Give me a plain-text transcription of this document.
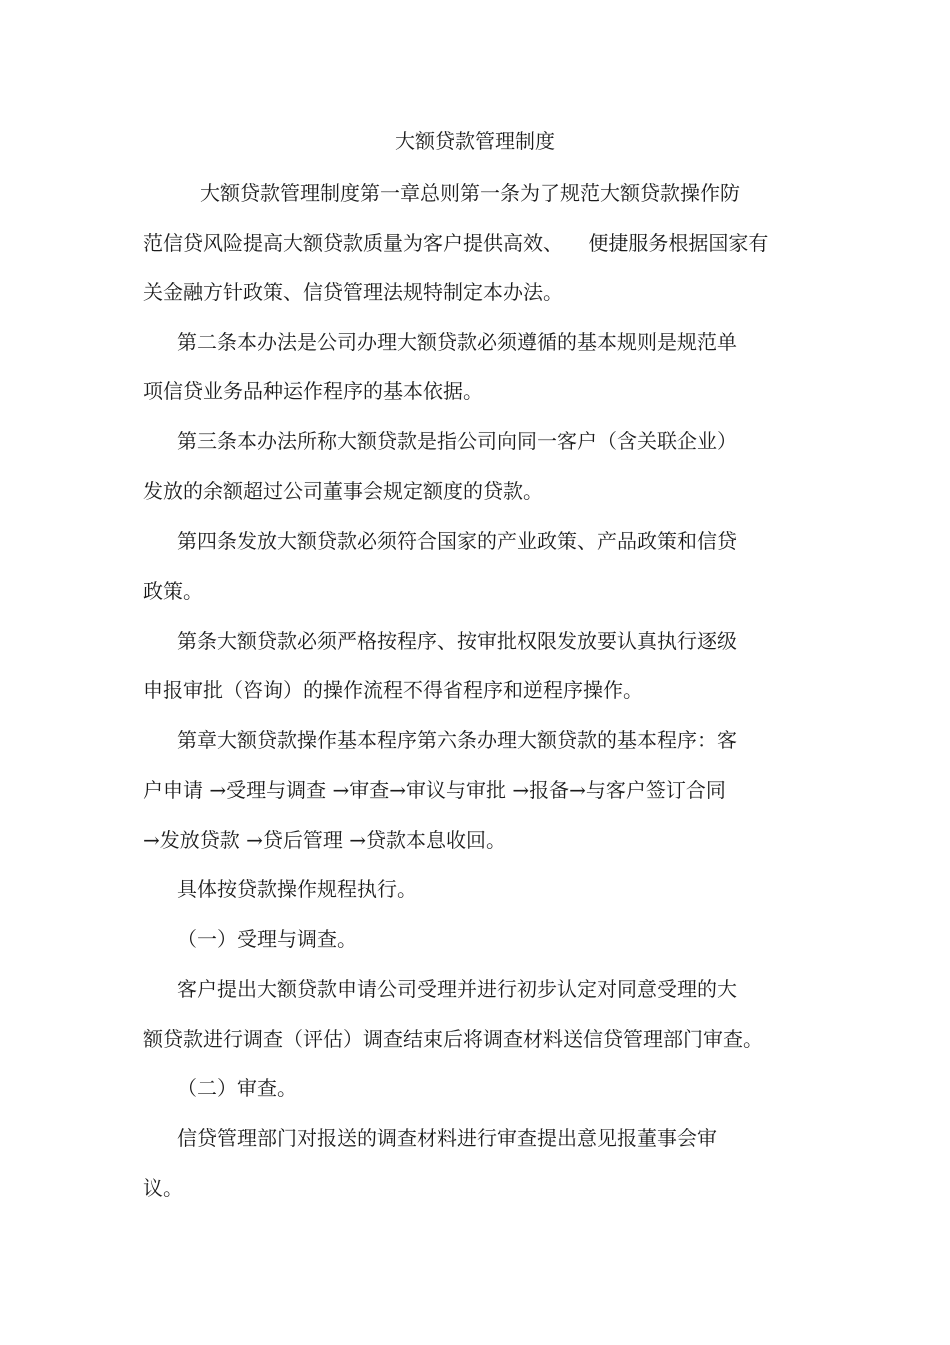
大额贷款管理制度
大额贷款管理制度第一章总则第一条为了规范大额贷款操作防
范信贷风险提高大额贷款质量为客户提供高效、    便捷服务根据国家有
关金融方针政策、信贷管理法规特制定本办法。
第二条本办法是公司办理大额贷款必须遵循的基本规则是规范单
项信贷业务品种运作程序的基本依据。
第三条本办法所称大额贷款是指公司向同一客户（含关联企业）
发放的余额超过公司董事会规定额度的贷款。
第四条发放大额贷款必须符合国家的产业政策、产品政策和信贷
政策。
第条大额贷款必须严格按程序、按审批权限发放要认真执行逐级
申报审批（咨询）的操作流程不得省程序和逆程序操作。
第章大额贷款操作基本程序第六条办理大额贷款的基本程序：客
户申请 →受理与调查 →审查→审议与审批 →报备→与客户签订合同
→发放贷款 →贷后管理 →贷款本息收回。
具体按贷款操作规程执行。
（一）受理与调查。
客户提出大额贷款申请公司受理并进行初步认定对同意受理的大
额贷款进行调查（评估）调查结束后将调查材料送信贷管理部门审查。
（二）审查。
信贷管理部门对报送的调查材料进行审查提出意见报董事会审
议。
